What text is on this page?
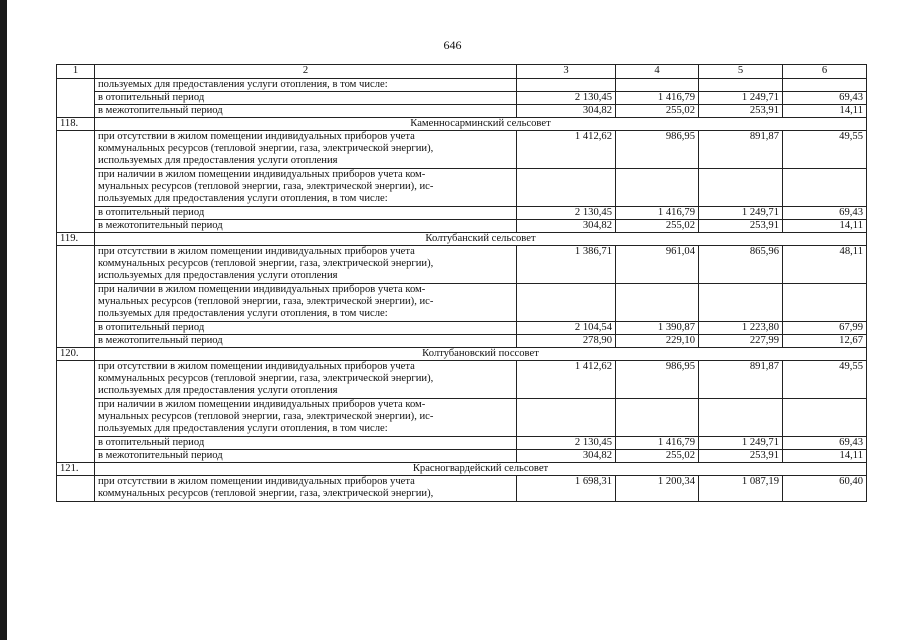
646
1	2	3	4	5	6
	пользуемых для предоставления услуги отопления, в том числе:				
	в отопительный период	2 130,45	1 416,79	1 249,71	69,43
	в межотопительный период	304,82	255,02	253,91	14,11
118.	Каменносарминский сельсовет				

	при отсутствии в жилом помещении индивидуальных приборов учета
коммунальных ресурсов (тепловой энергии, газа, электрической энергии),
используемых для предоставления услуги отопления	1 412,62	986,95	891,87	49,55

	при наличии в жилом помещении индивидуальных приборов учета ком-
мунальных ресурсов (тепловой энергии, газа, электрической энергии), ис-
пользуемых для предоставления услуги отопления, в том числе:				

	в отопительный период	2 130,45	1 416,79	1 249,71	69,43
	в межотопительный период	304,82	255,02	253,91	14,11
119.	Колтубанский сельсовет				

	при отсутствии в жилом помещении индивидуальных приборов учета
коммунальных ресурсов (тепловой энергии, газа, электрической энергии),
используемых для предоставления услуги отопления	1 386,71	961,04	865,96	48,11

	при наличии в жилом помещении индивидуальных приборов учета ком-
мунальных ресурсов (тепловой энергии, газа, электрической энергии), ис-
пользуемых для предоставления услуги отопления, в том числе:				

	в отопительный период	2 104,54	1 390,87	1 223,80	67,99
	в межотопительный период	278,90	229,10	227,99	12,67
120.	Колтубановский поссовет				

	при отсутствии в жилом помещении индивидуальных приборов учета
коммунальных ресурсов (тепловой энергии, газа, электрической энергии),
используемых для предоставления услуги отопления	1 412,62	986,95	891,87	49,55

	при наличии в жилом помещении индивидуальных приборов учета ком-
мунальных ресурсов (тепловой энергии, газа, электрической энергии), ис-
пользуемых для предоставления услуги отопления, в том числе:				

	в отопительный период	2 130,45	1 416,79	1 249,71	69,43
	в межотопительный период	304,82	255,02	253,91	14,11
121.	Красногвардейский сельсовет				

	при отсутствии в жилом помещении индивидуальных приборов учета
коммунальных ресурсов (тепловой энергии, газа, электрической энергии),	1 698,31	1 200,34	1 087,19	60,40
